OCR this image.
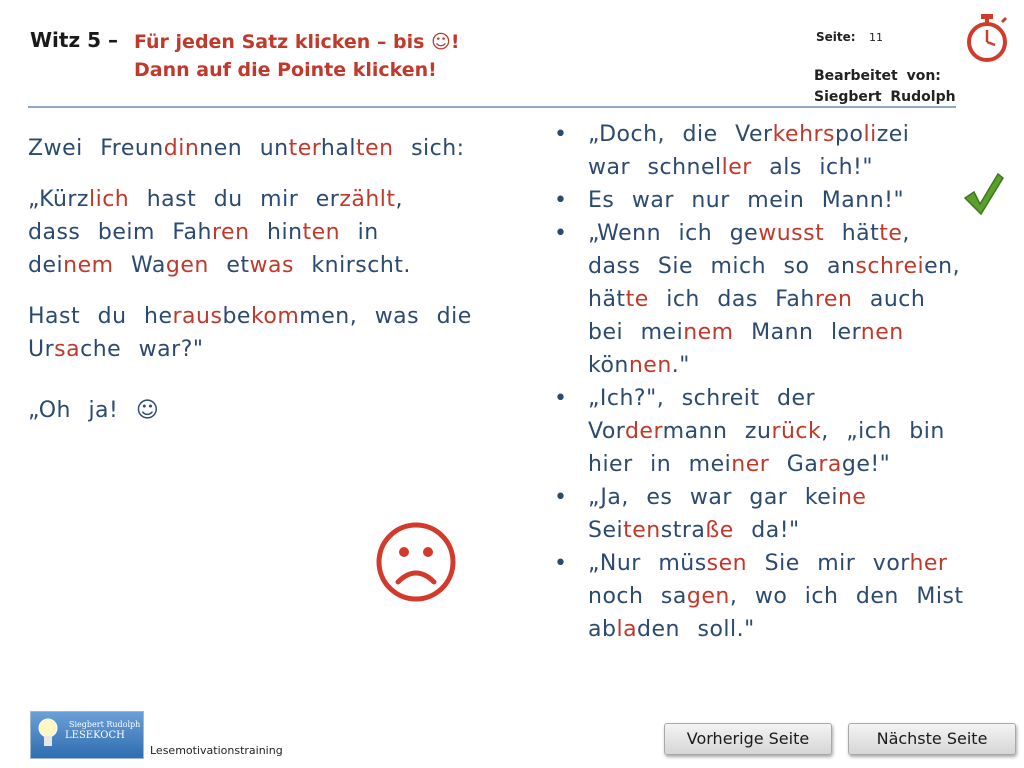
Witz 5 – Für jeden Satz klicken – bis ☺!
Dann auf die Pointe klicken!
Seite: 11
Bearbeitet von:
Siegbert Rudolph
Zwei Freundinnen unterhalten sich:
„Kürzlich hast du mir erzählt,
dass beim Fahren hinten in
deinem Wagen etwas knirscht.
Hast du herausbekommen, was die
Ursache war?"
„Oh ja! ☺
• „Doch, die Verkehrspolizei
war schneller als ich!"
• Es war nur mein Mann!"
• „Wenn ich gewusst hätte,
dass Sie mich so anschreien,
hätte ich das Fahren auch
bei meinem Mann lernen
können."
• „Ich?", schreit der
Vordermann zurück, „ich bin
hier in meiner Garage!"
• „Ja, es war gar keine
Seitenstraße da!"
• „Nur müssen Sie mir vorher
noch sagen, wo ich den Mist
abladen soll."
Siegbert Rudolph
LESEKOCH
Lesemotivationstraining
Vorherige Seite	Nächste Seite
